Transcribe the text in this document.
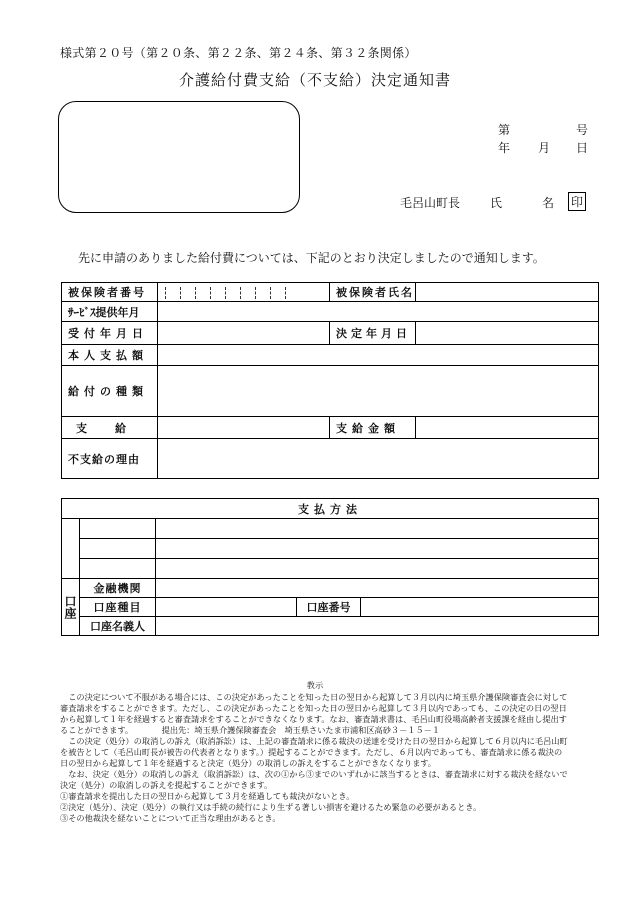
様式第２０号（第２０条、第２２条、第２４条、第３２条関係）
介護給付費支給（不支給）決定通知書
第	号
年 月 日
毛呂山町長 氏	名 印
先に申請のありました給付費については、下記のとおり決定しましたので通知します。
被保険者番号		被保険者氏名	
ｻｰﾋﾞｽ提供年月			
受付年月日		決定年月日	
本人支払額			
給付の種類			
支　　給		支給金額	
不支給の理由			
支払方法				

口座	金融機関			
	口座種目		口座番号	
	口座名義人			
教示

　この決定について不服がある場合には、この決定があったことを知った日の翌日から起算して３月以内に埼玉県介護保険審査会に対して審査請求をすることができます。ただし、この決定があったことを知った日の翌日から起算して３月以内であっても、この決定の日の翌日から起算して１年を経過すると審査請求をすることができなくなります。なお、審査請求書は、毛呂山町役場高齢者支援課を経由し提出することができます。　　　　提出先：埼玉県介護保険審査会　埼玉県さいたま市浦和区高砂３－１５－１

　この決定（処分）の取消しの訴え（取消訴訟）は、上記の審査請求に係る裁決の送達を受けた日の翌日から起算して６月以内に毛呂山町を被告として（毛呂山町長が被告の代表者となります。）提起することができます。ただし、６月以内であっても、審査請求に係る裁決の日の翌日から起算して１年を経過すると決定（処分）の取消しの訴えをすることができなくなります。

　なお、決定（処分）の取消しの訴え（取消訴訟）は、次の①から③までのいずれかに該当するときは、審査請求に対する裁決を経ないで決定（処分）の取消しの訴えを提起することができます。

①審査請求を提出した日の翌日から起算して３月を経過しても裁決がないとき。

②決定（処分）、決定（処分）の執行又は手続の続行により生ずる著しい損害を避けるため緊急の必要があるとき。

③その他裁決を経ないことについて正当な理由があるとき。
